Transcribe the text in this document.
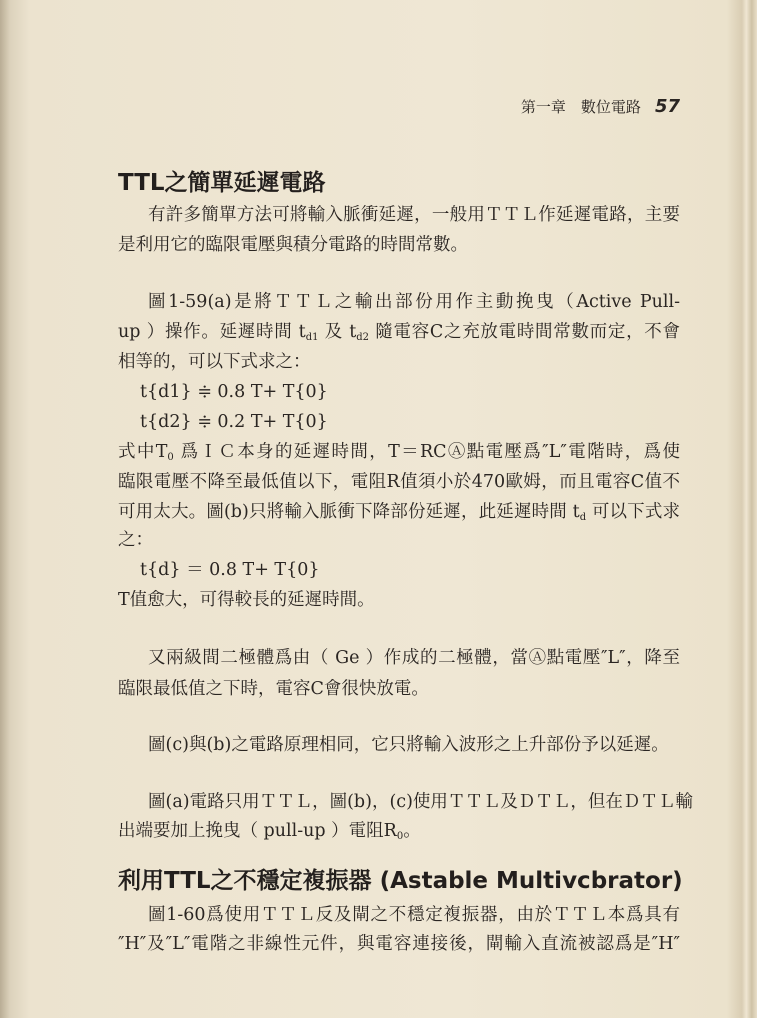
第一章　數位電路 57
TTL之簡單延遲電路
t{d1} ≑ 0.8 T+ T{0}
t{d2} ≑ 0.2 T+ T{0}
t{d} ＝ 0.8 T+ T{0}
有許多簡單方法可將輸入脈衝延遲，一般用ＴＴＬ作延遲電路，主要
是利用它的臨限電壓與積分電路的時間常數。
圖1-59(a)是將ＴＴＬ之輸出部份用作主動挽曳（Active Pull-
up ）操作。延遲時間 $t_{d1}$ 及 $t_{d2}$ 隨電容C之充放電時間常數而定，不會
相等的，可以下式求之：
式中$T_0$ 爲ＩＣ本身的延遲時間，T＝RCⒶ點電壓爲″L″電階時，爲使
臨限電壓不降至最低值以下，電阻R值須小於470歐姆，而且電容C值不
可用太大。圖(b)只將輸入脈衝下降部份延遲，此延遲時間 $t_d$ 可以下式求
之：
T值愈大，可得較長的延遲時間。
又兩級間二極體爲由（ Ge ）作成的二極體，當Ⓐ點電壓″L″，降至
臨限最低值之下時，電容C會很快放電。
圖(c)與(b)之電路原理相同，它只將輸入波形之上升部份予以延遲。
圖(a)電路只用ＴＴＬ，圖(b)，(c)使用ＴＴＬ及ＤＴＬ，但在ＤＴＬ輸
出端要加上挽曳（ pull-up ）電阻$R_0$。
利用TTL之不穩定複振器 (Astable Multivcbrator)
圖1-60爲使用ＴＴＬ反及閘之不穩定複振器，由於ＴＴＬ本爲具有
″H″及″L″電階之非線性元件，與電容連接後，閘輸入直流被認爲是″H″
